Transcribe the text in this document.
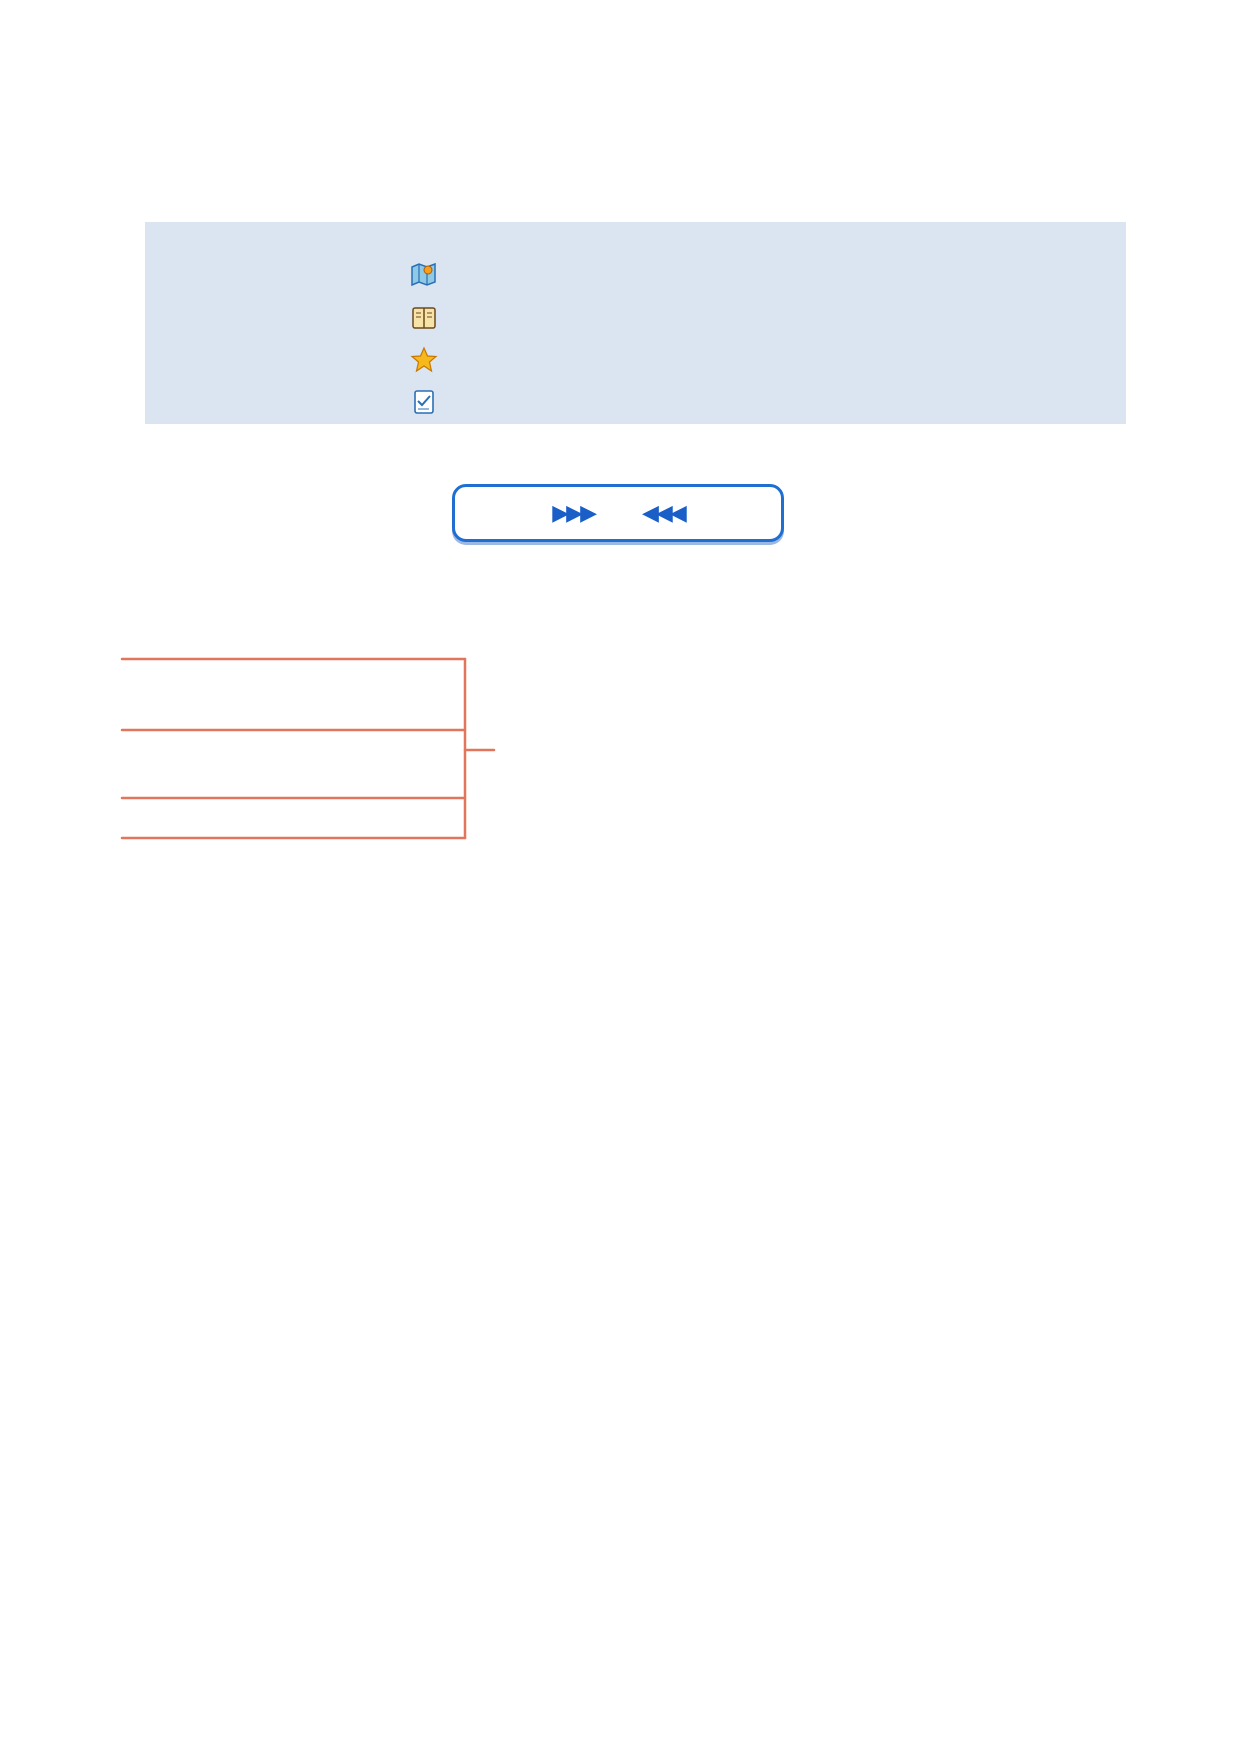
▶▶▶ ◀◀◀
